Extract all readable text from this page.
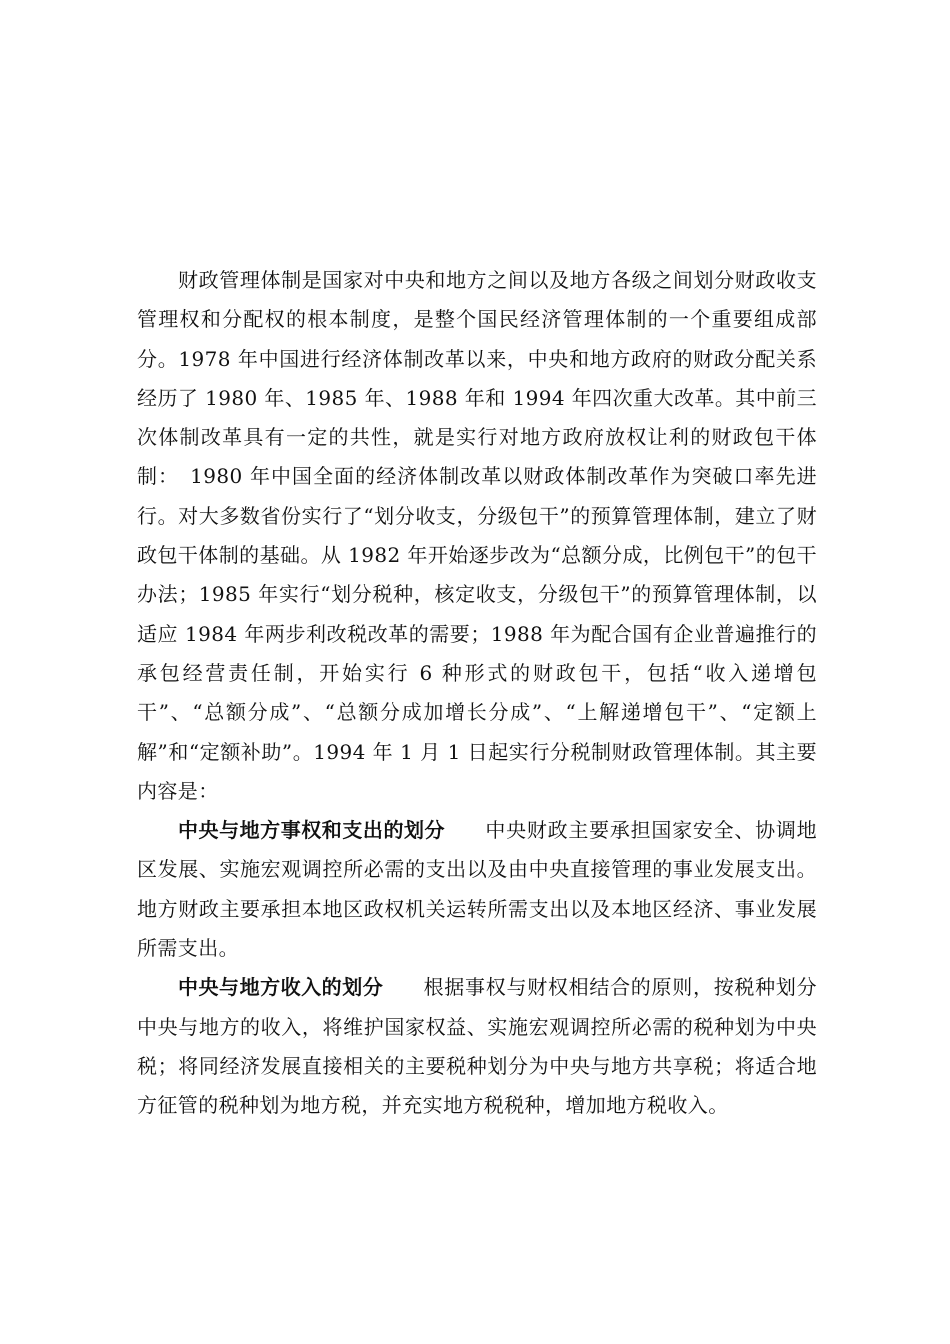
财政管理体制是国家对中央和地方之间以及地方各级之间划分财政收支管理权和分配权的根本制度，是整个国民经济管理体制的一个重要组成部分。1978 年中国进行经济体制改革以来，中央和地方政府的财政分配关系经历了 1980 年、1985 年、1988 年和 1994 年四次重大改革。其中前三次体制改革具有一定的共性，就是实行对地方政府放权让利的财政包干体制：　1980 年中国全面的经济体制改革以财政体制改革作为突破口率先进行。对大多数省份实行了“划分收支，分级包干”的预算管理体制，建立了财政包干体制的基础。从 1982 年开始逐步改为“总额分成，比例包干”的包干办法；1985 年实行“划分税种，核定收支，分级包干”的预算管理体制，以适应 1984 年两步利改税改革的需要；1988 年为配合国有企业普遍推行的承包经营责任制，开始实行 6 种形式的财政包干，包括“收入递增包干”、“总额分成”、“总额分成加增长分成”、“上解递增包干”、“定额上解”和“定额补助”。1994 年 1 月 1 日起实行分税制财政管理体制。其主要内容是：

中央与地方事权和支出的划分 中央财政主要承担国家安全、协调地区发展、实施宏观调控所必需的支出以及由中央直接管理的事业发展支出。地方财政主要承担本地区政权机关运转所需支出以及本地区经济、事业发展所需支出。

中央与地方收入的划分 根据事权与财权相结合的原则，按税种划分中央与地方的收入，将维护国家权益、实施宏观调控所必需的税种划为中央税；将同经济发展直接相关的主要税种划分为中央与地方共享税；将适合地方征管的税种划为地方税，并充实地方税税种，增加地方税收入。
